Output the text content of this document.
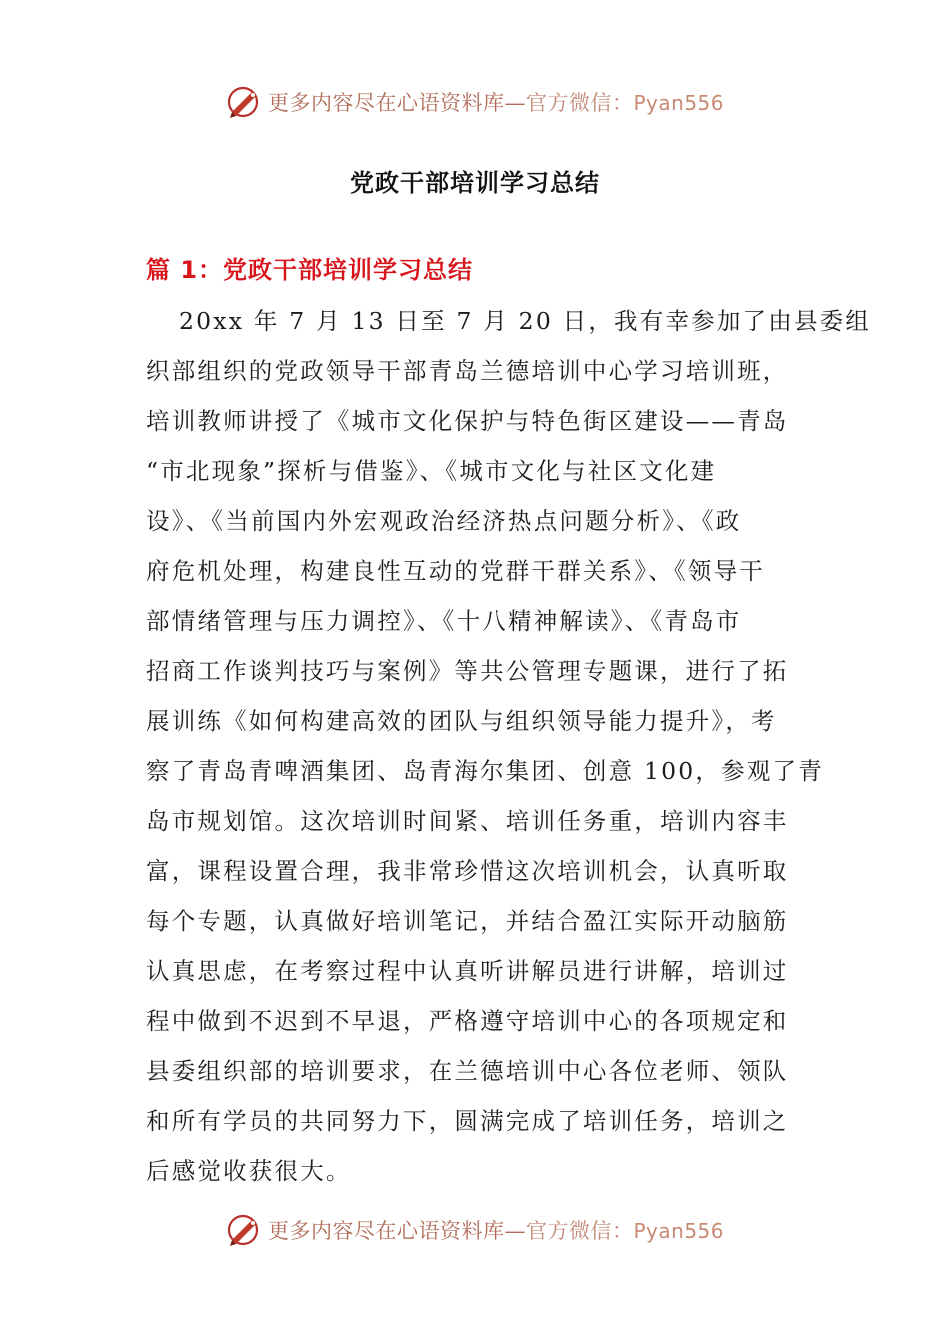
更多内容尽在心语资料库—官方微信：Pyan556
党政干部培训学习总结
篇 1：党政干部培训学习总结
20xx 年 7 月 13 日至 7 月 20 日，我有幸参加了由县委组
织部组织的党政领导干部青岛兰德培训中心学习培训班，
培训教师讲授了《城市文化保护与特色街区建设——青岛
“市北现象”探析与借鉴》、《城市文化与社区文化建
设》、《当前国内外宏观政治经济热点问题分析》、《政
府危机处理，构建良性互动的党群干群关系》、《领导干
部情绪管理与压力调控》、《十八精神解读》、《青岛市
招商工作谈判技巧与案例》等共公管理专题课，进行了拓
展训练《如何构建高效的团队与组织领导能力提升》，考
察了青岛青啤酒集团、岛青海尔集团、创意 100，参观了青
岛市规划馆。这次培训时间紧、培训任务重，培训内容丰
富，课程设置合理，我非常珍惜这次培训机会，认真听取
每个专题，认真做好培训笔记，并结合盈江实际开动脑筋
认真思虑，在考察过程中认真听讲解员进行讲解，培训过
程中做到不迟到不早退，严格遵守培训中心的各项规定和
县委组织部的培训要求，在兰德培训中心各位老师、领队
和所有学员的共同努力下，圆满完成了培训任务，培训之
后感觉收获很大。
更多内容尽在心语资料库—官方微信：Pyan556
